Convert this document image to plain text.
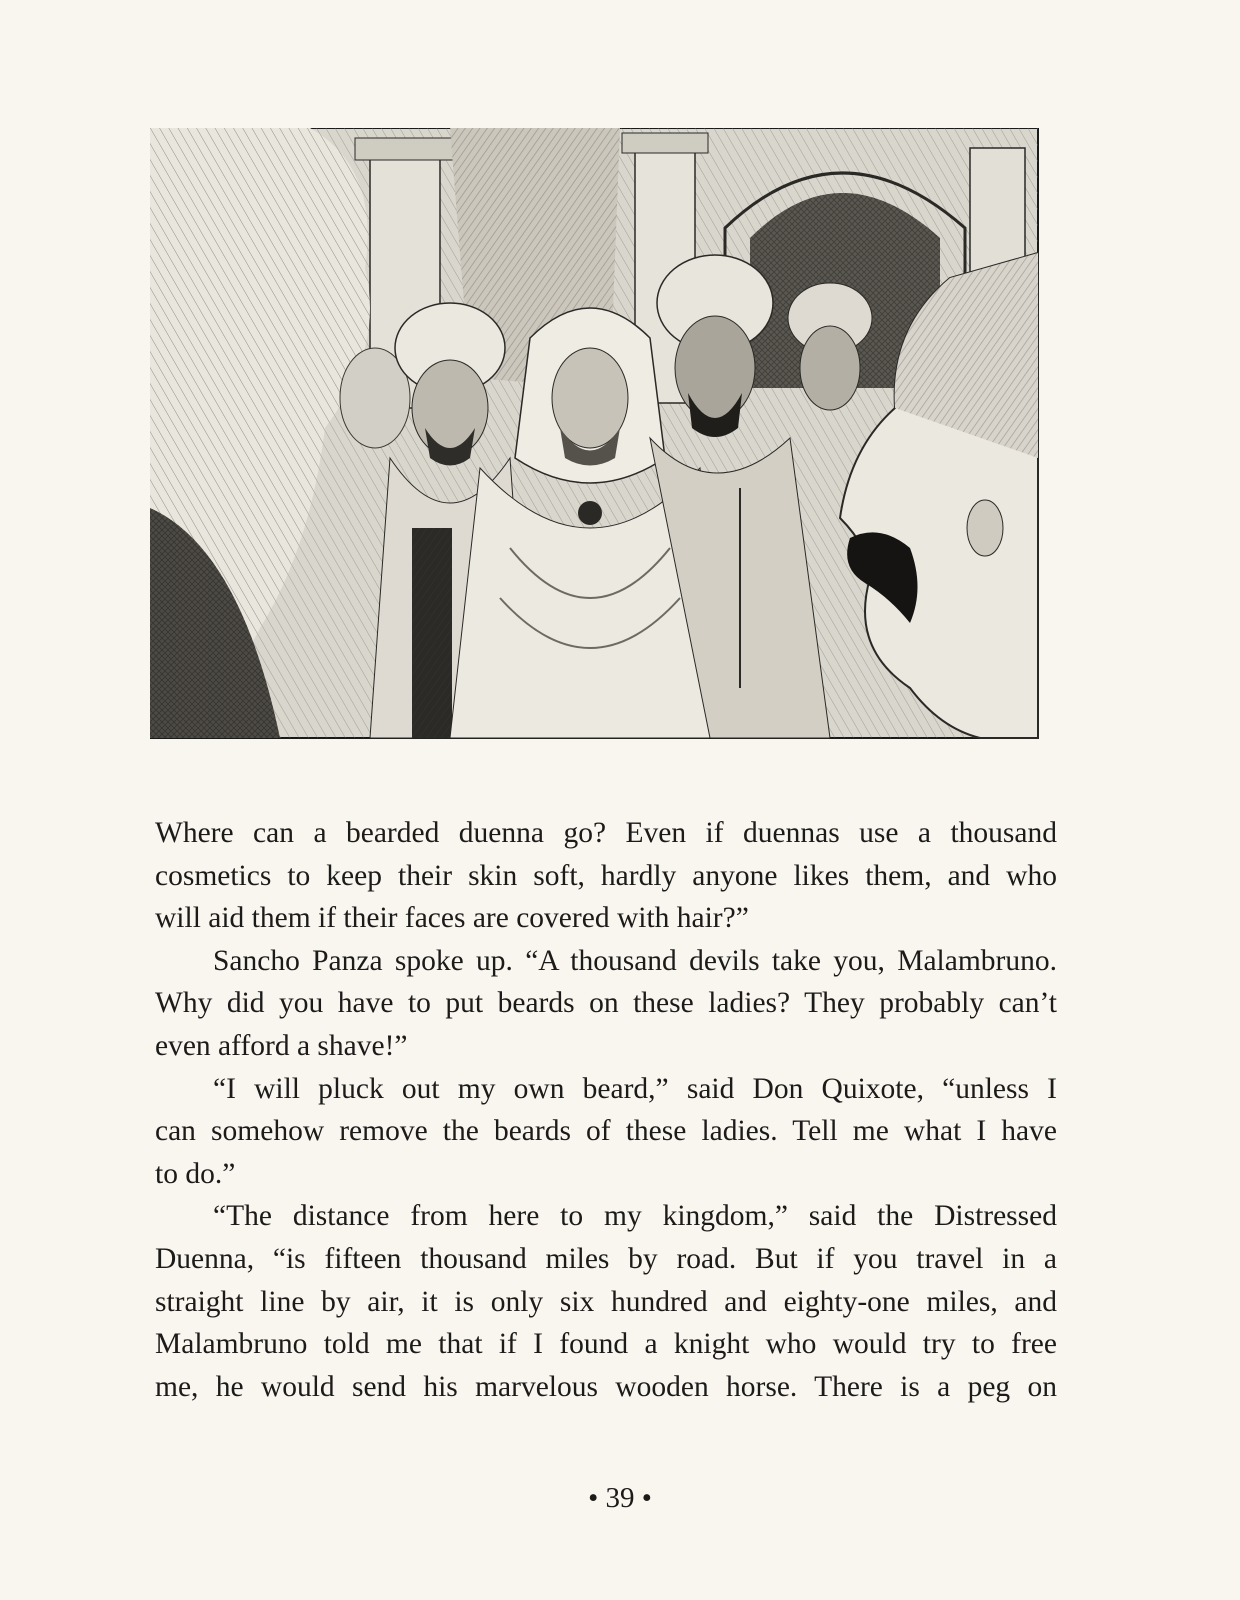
Where can a bearded duenna go? Even if duennas use a thousand
cosmetics to keep their skin soft, hardly anyone likes them, and who
will aid them if their faces are covered with hair?”
Sancho Panza spoke up. “A thousand devils take you, Malambruno.
Why did you have to put beards on these ladies? They probably can’t
even afford a shave!”
“I will pluck out my own beard,” said Don Quixote, “unless I
can somehow remove the beards of these ladies. Tell me what I have
to do.”
“The distance from here to my kingdom,” said the Distressed
Duenna, “is fifteen thousand miles by road. But if you travel in a
straight line by air, it is only six hundred and eighty-one miles, and
Malambruno told me that if I found a knight who would try to free
me, he would send his marvelous wooden horse. There is a peg on
• 39 •
